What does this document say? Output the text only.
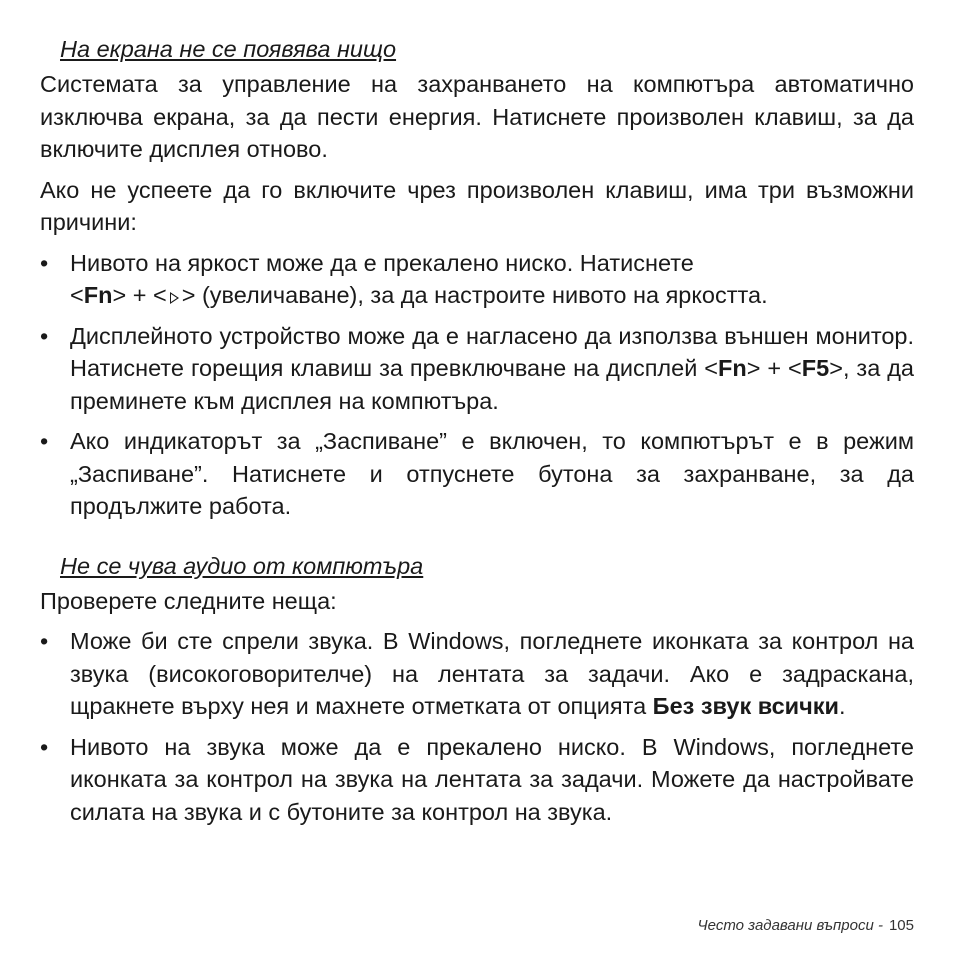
На екрана не се появява нищо

Системата за управление на захранването на компютъра автоматично изключва екрана, за да пести енергия. Натиснете произволен клавиш, за да включите дисплея отново.

Ако не успеете да го включите чрез произволен клавиш, има три възможни причини:

• Нивото на яркост може да е прекалено ниско. Натиснете
<Fn> + < > (увеличаване), за да настроите нивото на яркостта.
• Дисплейното устройство може да е нагласено да използва външен монитор. Натиснете горещия клавиш за превключване на дисплей <Fn> + <F5>, за да преминете към дисплея на компютъра.
• Ако индикаторът за „Заспиване” е включен, то компютърът е в режим „Заспиване”. Натиснете и отпуснете бутона за захранване, за да продължите работа.
Не се чува аудио от компютъра

Проверете следните неща:

• Може би сте спрели звука. В Windows, погледнете иконката за контрол на звука (високоговорителче) на лентата за задачи. Ако е задраскана, щракнете върху нея и махнете отметката от опцията Без звук всички.
• Нивото на звука може да е прекалено ниско. В Windows, погледнете иконката за контрол на звука на лентата за задачи. Можете да настройвате силата на звука и с бутоните за контрол на звука.
Често задавани въпроси - 105
